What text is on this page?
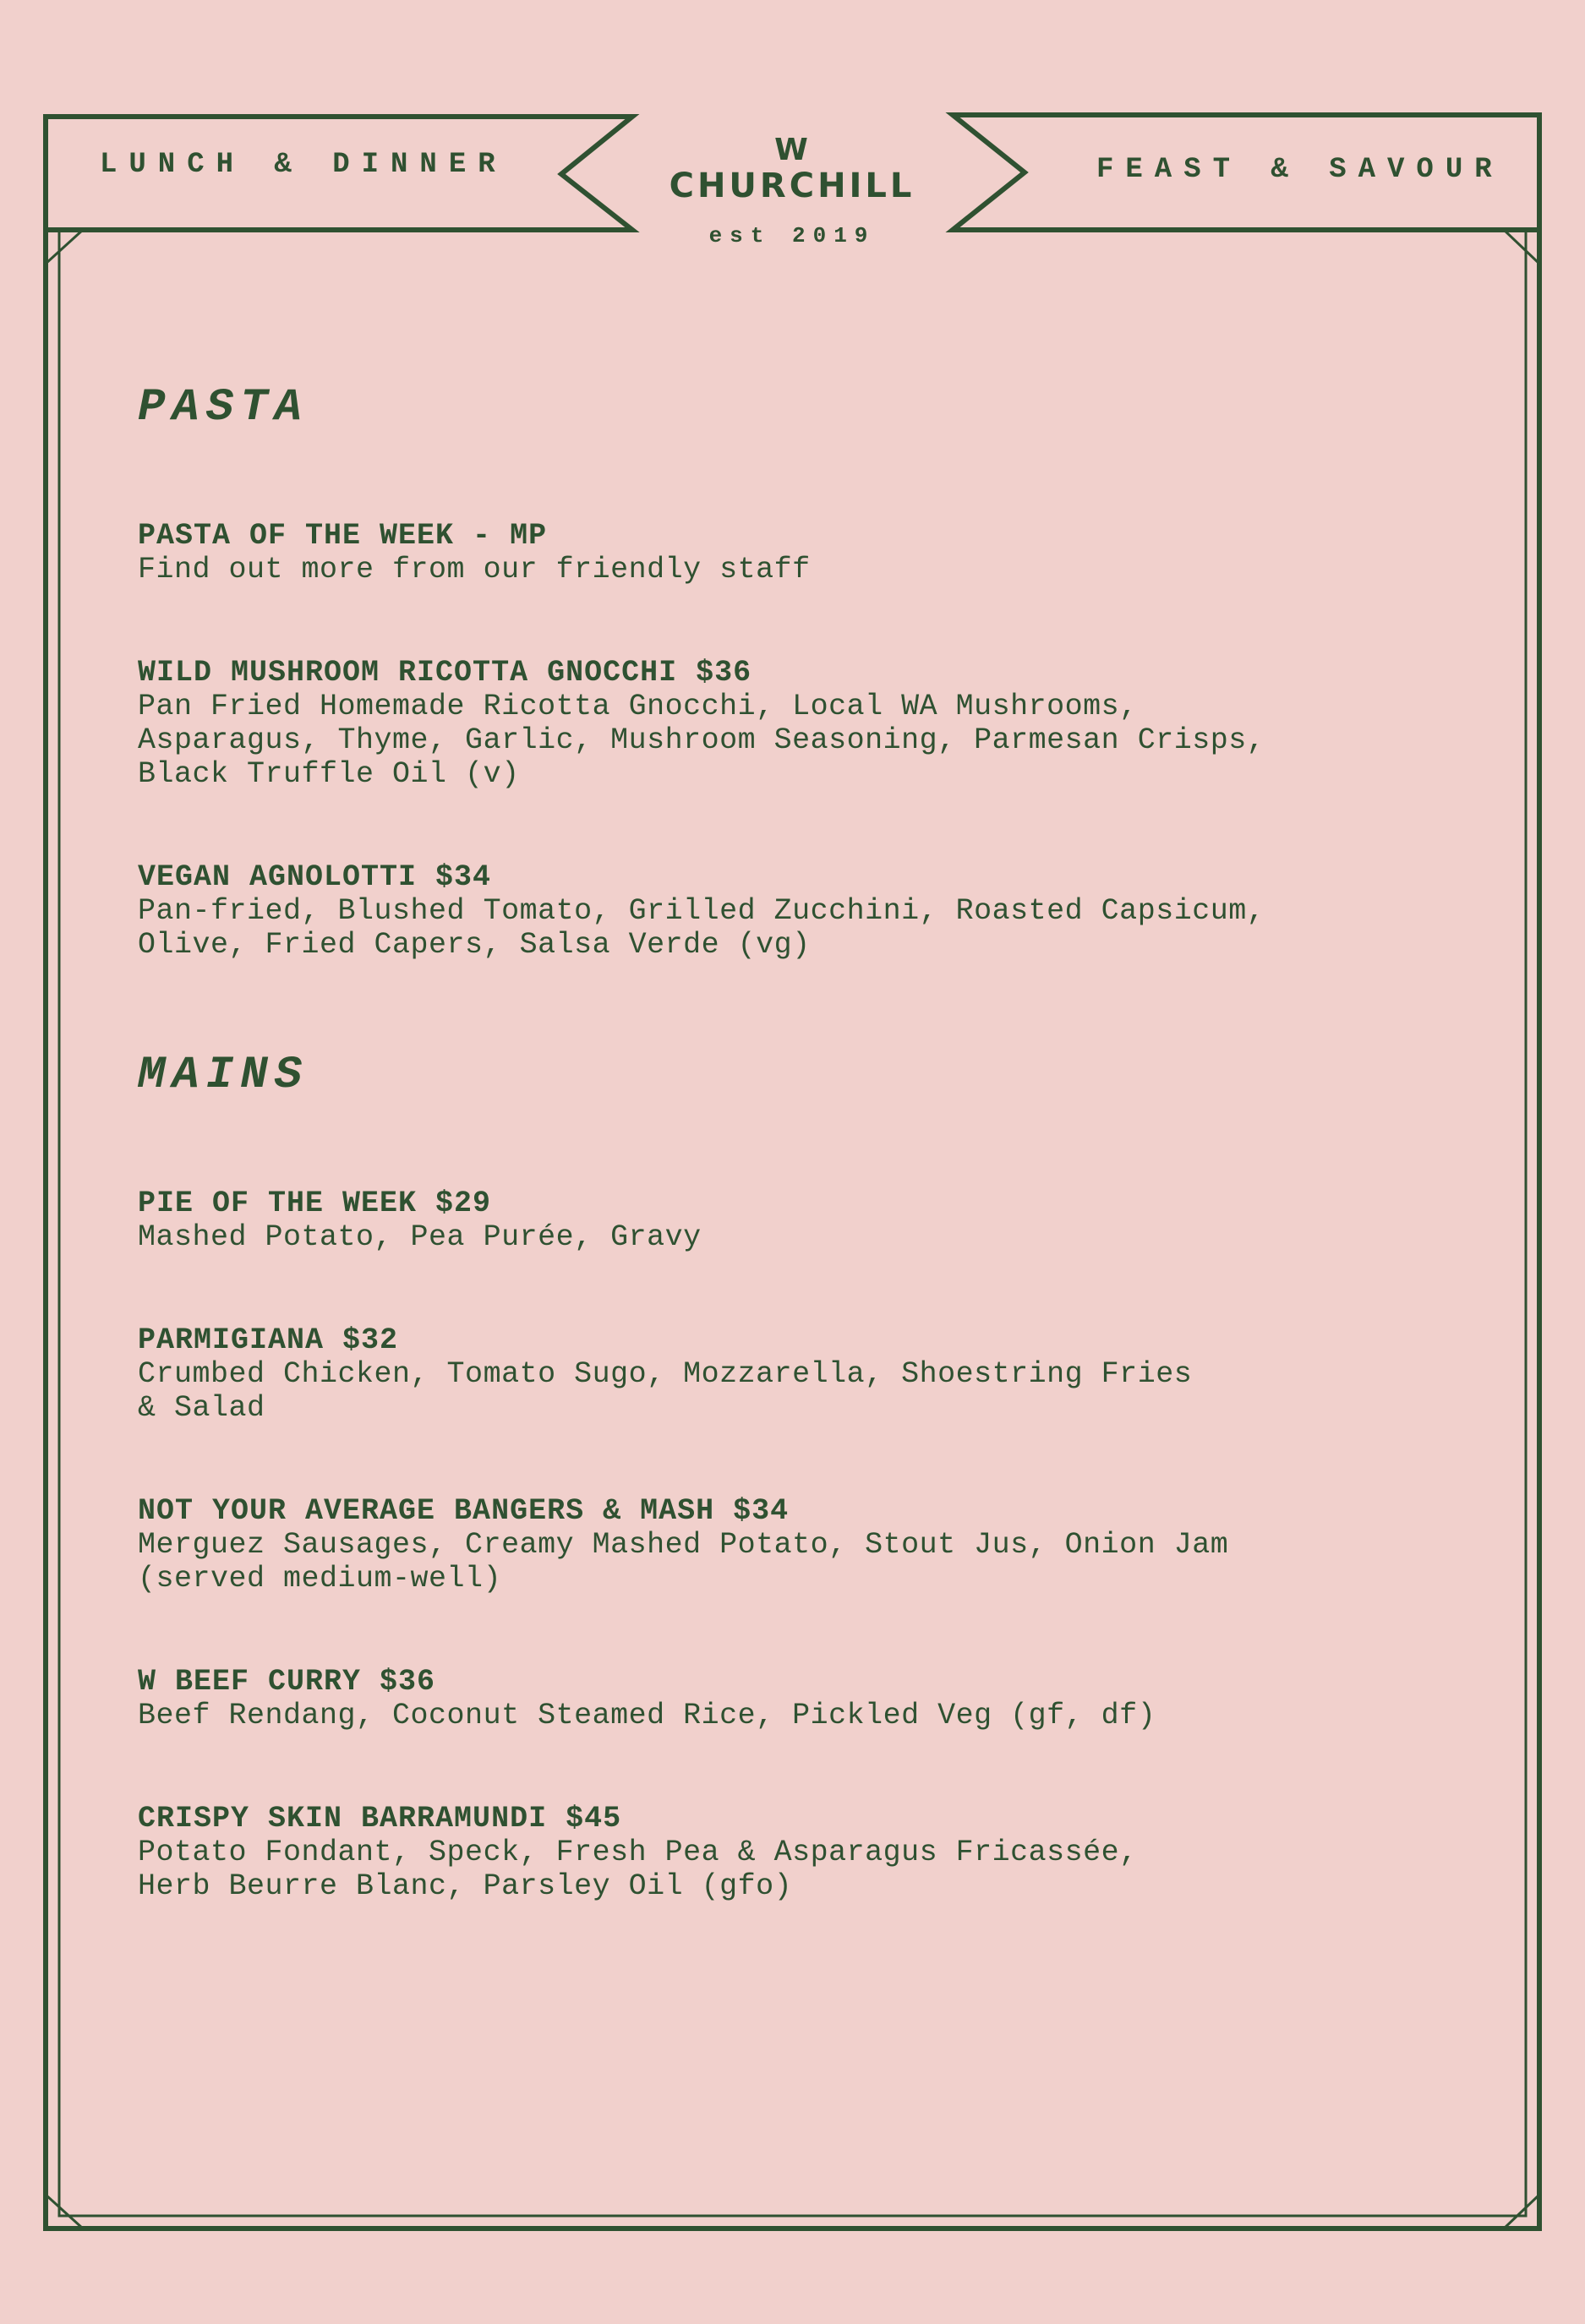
LUNCH & DINNER	FEAST & SAVOUR
W
CHURCHILL
est 2019
PASTA
PASTA OF THE WEEK - MP
Find out more from our friendly staff
WILD MUSHROOM RICOTTA GNOCCHI $36
Pan Fried Homemade Ricotta Gnocchi, Local WA Mushrooms,
Asparagus, Thyme, Garlic, Mushroom Seasoning, Parmesan Crisps,
Black Truffle Oil (v)
VEGAN AGNOLOTTI $34
Pan-fried, Blushed Tomato, Grilled Zucchini, Roasted Capsicum,
Olive, Fried Capers, Salsa Verde (vg)
MAINS
PIE OF THE WEEK $29
Mashed Potato, Pea Purée, Gravy
PARMIGIANA $32
Crumbed Chicken, Tomato Sugo, Mozzarella, Shoestring Fries
& Salad
NOT YOUR AVERAGE BANGERS & MASH $34
Merguez Sausages, Creamy Mashed Potato, Stout Jus, Onion Jam
(served medium-well)
W BEEF CURRY $36
Beef Rendang, Coconut Steamed Rice, Pickled Veg (gf, df)
CRISPY SKIN BARRAMUNDI $45
Potato Fondant, Speck, Fresh Pea & Asparagus Fricassée,
Herb Beurre Blanc, Parsley Oil (gfo)
